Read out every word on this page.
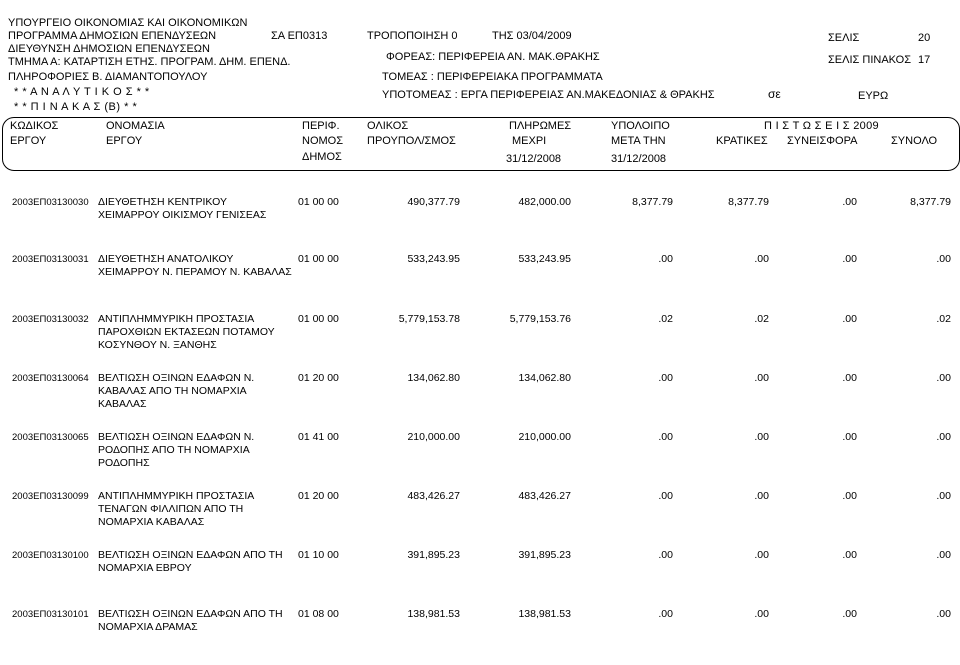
ΥΠΟΥΡΓΕΙΟ ΟΙΚΟΝΟΜΙΑΣ ΚΑΙ ΟΙΚΟΝΟΜΙΚΩΝ
ΠΡΟΓΡΑΜΜΑ ΔΗΜΟΣΙΩΝ ΕΠΕΝΔΥΣΕΩΝ
ΔΙΕΥΘΥΝΣΗ ΔΗΜΟΣΙΩΝ ΕΠΕΝΔΥΣΕΩΝ
ΤΜΗΜΑ Α: ΚΑΤΑΡΤΙΣΗ ΕΤΗΣ. ΠΡΟΓΡΑΜ. ΔΗΜ. ΕΠΕΝΔ.
ΠΛΗΡΟΦΟΡΙΕΣ Β. ΔΙΑΜΑΝΤΟΠΟΥΛΟΥ
* * Α Ν Α Λ Υ Τ Ι Κ Ο Σ * *
* * Π Ι Ν Α Κ Α Σ (Β) * *
ΣΑ ΕΠ0313	ΤΡΟΠΟΠΟΙΗΣΗ 0	ΤΗΣ 03/04/2009
ΦΟΡΕΑΣ: ΠΕΡΙΦΕΡΕΙΑ ΑΝ. ΜΑΚ.ΘΡΑΚΗΣ
ΤΟΜΕΑΣ : ΠΕΡΙΦΕΡΕΙΑΚΑ ΠΡΟΓΡΑΜΜΑΤΑ
ΥΠΟΤΟΜΕΑΣ : ΕΡΓΑ ΠΕΡΙΦΕΡΕΙΑΣ ΑΝ.ΜΑΚΕΔΟΝΙΑΣ & ΘΡΑΚΗΣ
ΣΕΛΙΣ	20
ΣΕΛΙΣ ΠΙΝΑΚΟΣ 17
σε	ΕΥΡΩ
ΚΩΔΙΚΟΣ
ΕΡΓΟΥ
ΟΝΟΜΑΣΙΑ
ΕΡΓΟΥ
ΠΕΡΙΦ.
ΝΟΜΟΣ
ΔΗΜΟΣ
ΟΛΙΚΟΣ
ΠΡΟΥΠΟΛ/ΣΜΟΣ
ΠΛΗΡΩΜΕΣ
ΜΕΧΡΙ
31/12/2008
ΥΠΟΛΟΙΠΟ
ΜΕΤΑ ΤΗΝ
31/12/2008
Π Ι Σ Τ Ω Σ Ε Ι Σ 2009
ΚΡΑΤΙΚΕΣ ΣΥΝΕΙΣΦΟΡΑ	ΣΥΝΟΛΟ
2003ΕΠ03130030 ΔΙΕΥΘΕΤΗΣΗ ΚΕΝΤΡΙΚΟΥ
ΧΕΙΜΑΡΡΟΥ ΟΙΚΙΣΜΟΥ ΓΕΝΙΣΕΑΣ
01 00 00	490,377.79	482,000.00	8,377.79	8,377.79	.00	8,377.79
2003ΕΠ03130031 ΔΙΕΥΘΕΤΗΣΗ ΑΝΑΤΟΛΙΚΟΥ
ΧΕΙΜΑΡΡΟΥ Ν. ΠΕΡΑΜΟΥ Ν. ΚΑΒΑΛΑΣ
01 00 00	533,243.95	533,243.95	.00	.00	.00	.00
2003ΕΠ03130032 ΑΝΤΙΠΛΗΜΜΥΡΙΚΗ ΠΡΟΣΤΑΣΙΑ
ΠΑΡΟΧΘΙΩΝ ΕΚΤΑΣΕΩΝ ΠΟΤΑΜΟΥ
ΚΟΣΥΝΘΟΥ Ν. ΞΑΝΘΗΣ
01 00 00	5,779,153.78	5,779,153.76	.02	.02	.00	.02
2003ΕΠ03130064 ΒΕΛΤΙΩΣΗ ΟΞΙΝΩΝ ΕΔΑΦΩΝ Ν.
ΚΑΒΑΛΑΣ ΑΠΟ ΤΗ ΝΟΜΑΡΧΙΑ
ΚΑΒΑΛΑΣ
01 20 00	134,062.80	134,062.80	.00	.00	.00	.00
2003ΕΠ03130065 ΒΕΛΤΙΩΣΗ ΟΞΙΝΩΝ ΕΔΑΦΩΝ Ν.
ΡΟΔΟΠΗΣ ΑΠΟ ΤΗ ΝΟΜΑΡΧΙΑ
ΡΟΔΟΠΗΣ
01 41 00	210,000.00	210,000.00	.00	.00	.00	.00
2003ΕΠ03130099 ΑΝΤΙΠΛΗΜΜΥΡΙΚΗ ΠΡΟΣΤΑΣΙΑ
ΤΕΝΑΓΩΝ ΦΙΛΛΙΠΩΝ ΑΠΟ ΤΗ
ΝΟΜΑΡΧΙΑ ΚΑΒΑΛΑΣ
01 20 00	483,426.27	483,426.27	.00	.00	.00	.00
2003ΕΠ03130100 ΒΕΛΤΙΩΣΗ ΟΞΙΝΩΝ ΕΔΑΦΩΝ ΑΠΟ ΤΗ
ΝΟΜΑΡΧΙΑ ΕΒΡΟΥ
01 10 00	391,895.23	391,895.23	.00	.00	.00	.00
2003ΕΠ03130101 ΒΕΛΤΙΩΣΗ ΟΞΙΝΩΝ ΕΔΑΦΩΝ ΑΠΟ ΤΗ
ΝΟΜΑΡΧΙΑ ΔΡΑΜΑΣ
01 08 00	138,981.53	138,981.53	.00	.00	.00	.00
